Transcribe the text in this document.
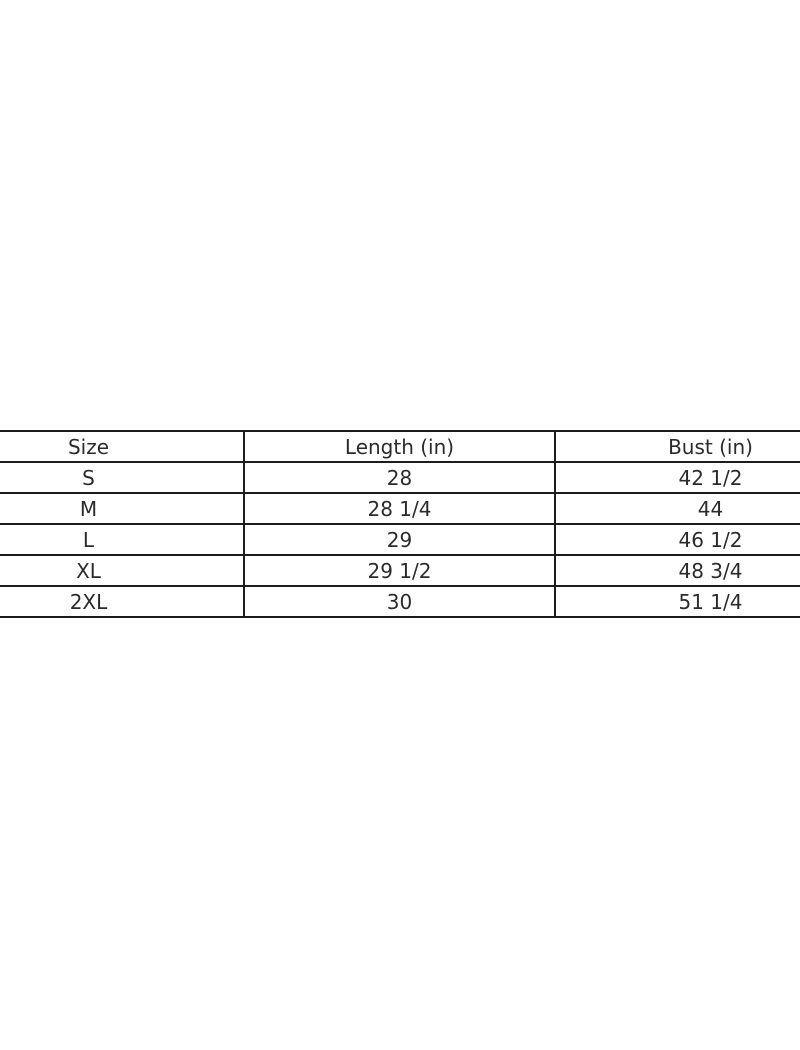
Size	Length (in)	Bust (in)
S	28	42 1/2
M	28 1/4	44
L	29	46 1/2
XL	29 1/2	48 3/4
2XL	30	51 1/4
